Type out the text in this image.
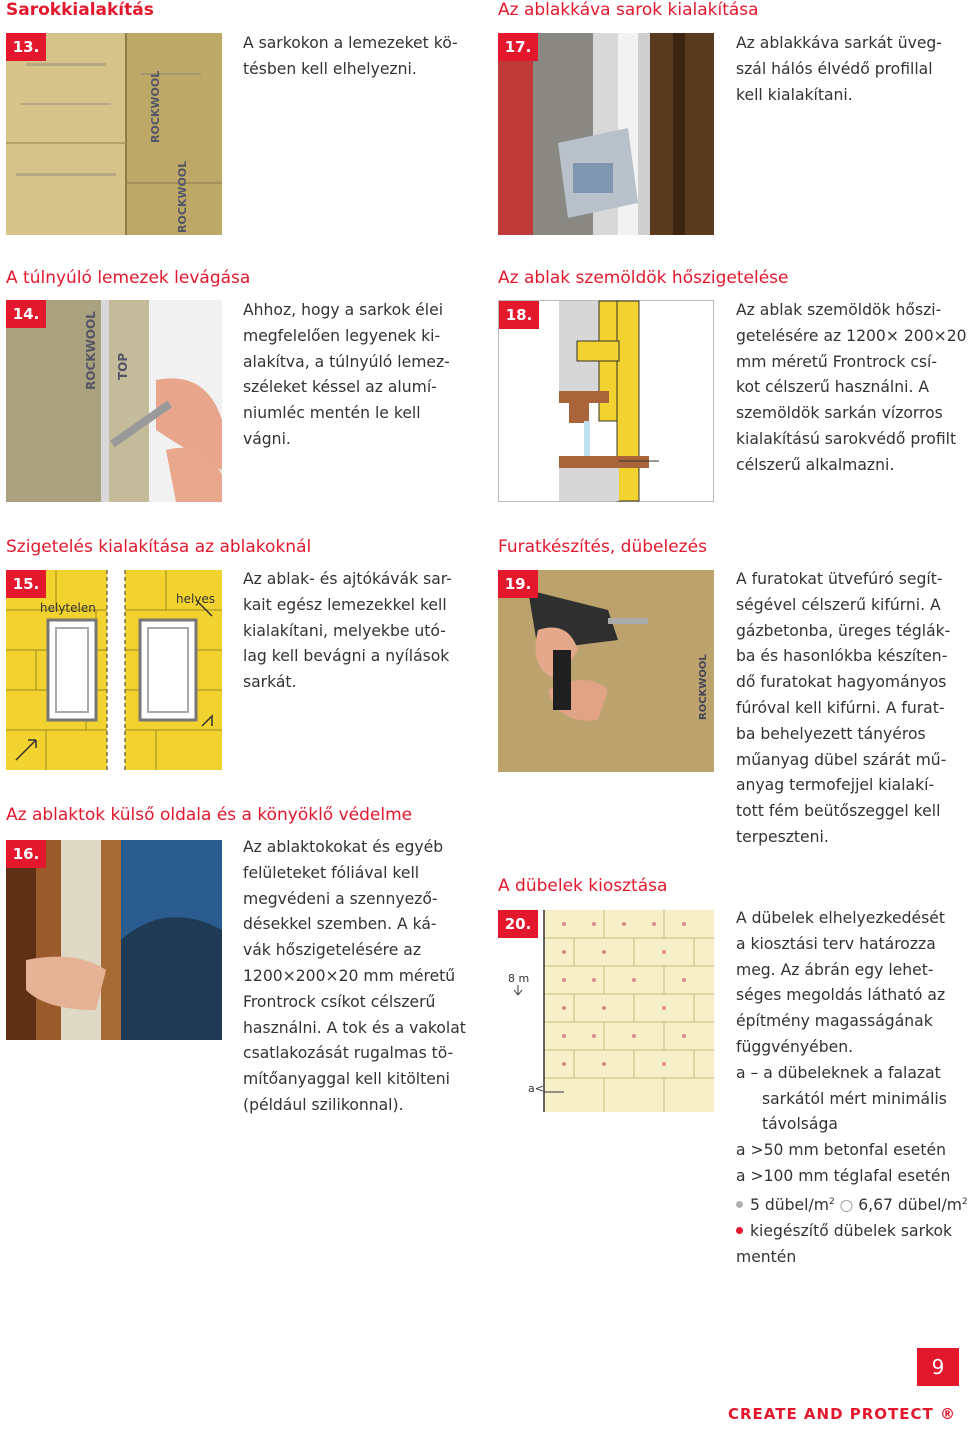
Sarokkialakítás
13.
ROCKWOOL
ROCKWOOL
A sarkokon a lemezeket kö-
tésben kell elhelyezni.
A túlnyúló lemezek levágása
14.	ROCKWOOL TOP
Ahhoz, hogy a sarkok élei
megfelelően legyenek ki-
alakítva, a túlnyúló lemez-
széleket késsel az alumí-
niumléc mentén le kell
vágni.
Szigetelés kialakítása az ablakoknál
15.
helytelen
helyes
Az ablak- és ajtókávák sar-
kait egész lemezekkel kell
kialakítani, melyekbe utó-
lag kell bevágni a nyílások
sarkát.
Az ablaktok külső oldala és a könyöklő védelme
16.	Az ablaktokokat és egyéb
felületeket fóliával kell
megvédeni a szennyező-
désekkel szemben. A ká-
vák hőszigetelésére az
1200×200×20 mm méretű
Frontrock csíkot célszerű
használni. A tok és a vakolat
csatlakozását rugalmas tö-
mítőanyaggal kell kitölteni
(például szilikonnal).
Az ablakkáva sarok kialakítása
17.	Az ablakkáva sarkát üveg-
szál hálós élvédő profillal
kell kialakítani.
Az ablak szemöldök hőszigetelése
18.	Az ablak szemöldök hőszi-
getelésére az 1200× 200×20
mm méretű Frontrock csí-
kot célszerű használni. A
szemöldök sarkán vízorros
kialakítású sarokvédő profilt
célszerű alkalmazni.
Furatkészítés, dübelezés
19.
ROCKWOOL
A furatokat ütvefúró segít-
ségével célszerű kifúrni. A
gázbetonba, üreges téglák-
ba és hasonlókba készíten-
dő furatokat hagyományos
fúróval kell kifúrni. A furat-
ba behelyezett tányéros
műanyag dübel szárát mű-
anyag termofejjel kialakí-
tott fém beütőszeggel kell
terpeszteni.
A dübelek kiosztása
20.
8 m
a<
A dübelek elhelyezkedését
a kiosztási terv határozza
meg. Az ábrán egy lehet-
séges megoldás látható az
építmény magasságának
függvényében.
a – a dübeleknek a falazat
sarkától mért minimális
távolsága
a >50 mm betonfal esetén
a >100 mm téglafal esetén
5 dübel/$m^2$ ○ 6,67 dübel/$m^2$
kiegészítő dübelek sarkok
mentén
9
CREATE AND PROTECT ®
